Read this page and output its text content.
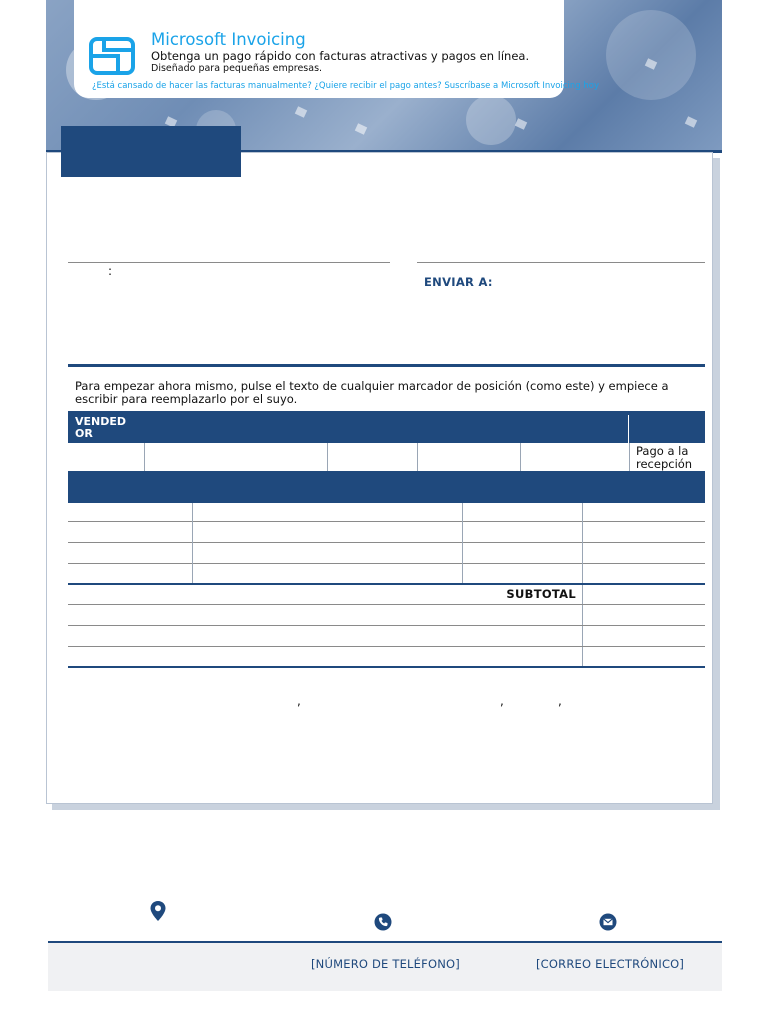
Microsoft Invoicing
Obtenga un pago rápido con facturas atractivas y pagos en línea.
Diseñado para pequeñas empresas.
¿Está cansado de hacer las facturas manualmente? ¿Quiere recibir el pago antes? Suscríbase a Microsoft Invoicing hoy
:
ENVIAR A:
Para empezar ahora mismo, pulse el texto de cualquier marcador de posición (como este) y empiece a escribir para reemplazarlo por el suyo.
VENDED OR
Pago a la recepción
SUBTOTAL
,	,	,
[NÚMERO DE TELÉFONO]	[CORREO ELECTRÓNICO]
